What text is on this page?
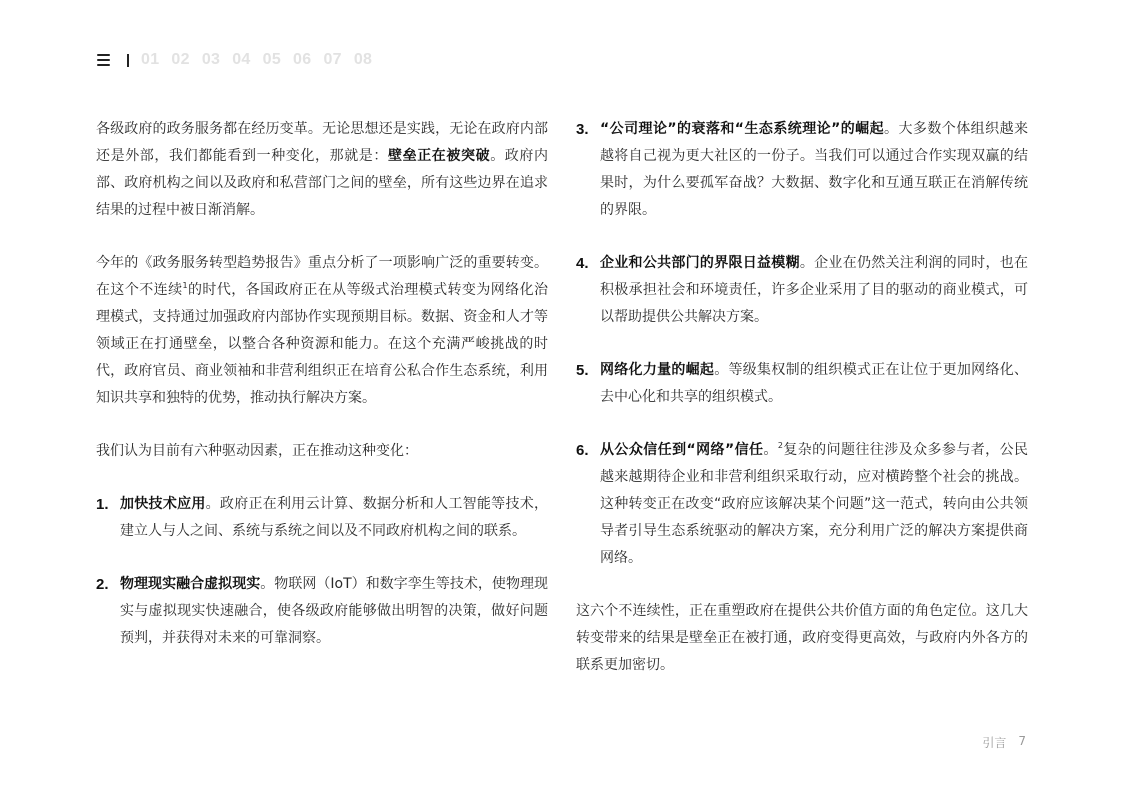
01 02 03 04 05 06 07 08

各级政府的政务服务都在经历变革。无论思想还是实践，无论在政府内部还是外部，我们都能看到一种变化，那就是：壁垒正在被突破。政府内部、政府机构之间以及政府和私营部门之间的壁垒，所有这些边界在追求结果的过程中被日渐消解。

今年的《政务服务转型趋势报告》重点分析了一项影响广泛的重要转变。在这个不连续$^1$的时代，各国政府正在从等级式治理模式转变为网络化治理模式，支持通过加强政府内部协作实现预期目标。数据、资金和人才等领域正在打通壁垒，以整合各种资源和能力。在这个充满严峻挑战的时代，政府官员、商业领袖和非营利组织正在培育公私合作生态系统，利用知识共享和独特的优势，推动执行解决方案。

我们认为目前有六种驱动因素，正在推动这种变化：

1. 加快技术应用。政府正在利用云计算、数据分析和人工智能等技术，建立人与人之间、系统与系统之间以及不同政府机构之间的联系。
2. 物理现实融合虚拟现实。物联网（IoT）和数字孪生等技术，使物理现实与虚拟现实快速融合，使各级政府能够做出明智的决策，做好问题预判，并获得对未来的可靠洞察。
3. “公司理论”的衰落和“生态系统理论”的崛起。大多数个体组织越来越将自己视为更大社区的一份子。当我们可以通过合作实现双赢的结果时，为什么要孤军奋战？大数据、数字化和互通互联正在消解传统的界限。
4. 企业和公共部门的界限日益模糊。企业在仍然关注利润的同时，也在积极承担社会和环境责任，许多企业采用了目的驱动的商业模式，可以帮助提供公共解决方案。
5. 网络化力量的崛起。等级集权制的组织模式正在让位于更加网络化、去中心化和共享的组织模式。
6. 从公众信任到“网络”信任。$^2$复杂的问题往往涉及众多参与者，公民越来越期待企业和非营利组织采取行动，应对横跨整个社会的挑战。这种转变正在改变“政府应该解决某个问题”这一范式，转向由公共领导者引导生态系统驱动的解决方案，充分利用广泛的解决方案提供商网络。

这六个不连续性，正在重塑政府在提供公共价值方面的角色定位。这几大转变带来的结果是壁垒正在被打通，政府变得更高效，与政府内外各方的联系更加密切。

引言 7
